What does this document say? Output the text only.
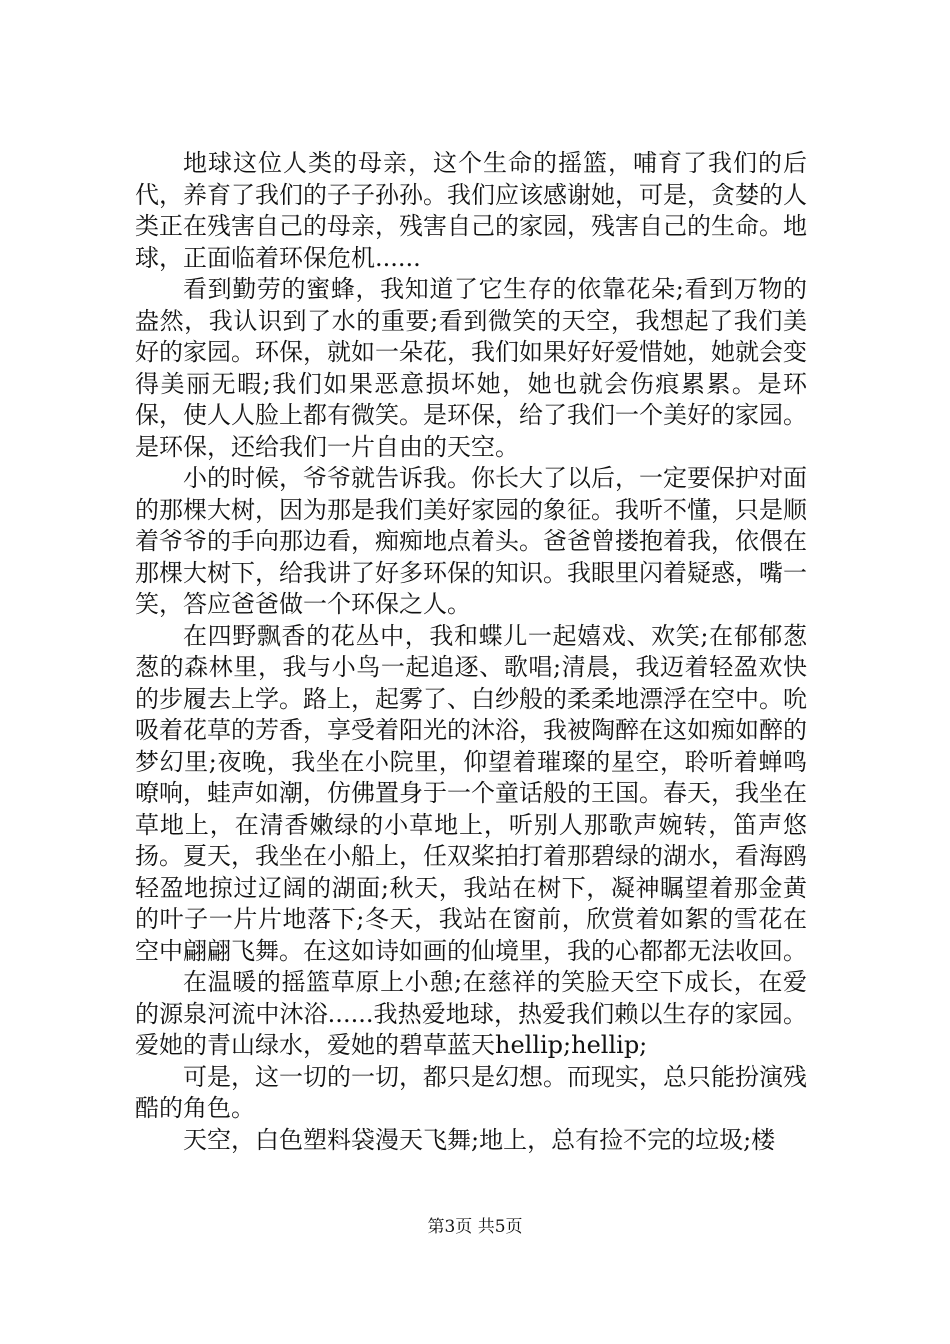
地球这位人类的母亲，这个生命的摇篮，哺育了我们的后代，养育了我们的子子孙孙。我们应该感谢她，可是，贪婪的人类正在残害自己的母亲，残害自己的家园，残害自己的生命。地球，正面临着环保危机......

看到勤劳的蜜蜂，我知道了它生存的依靠花朵;看到万物的盎然，我认识到了水的重要;看到微笑的天空，我想起了我们美好的家园。环保，就如一朵花，我们如果好好爱惜她，她就会变得美丽无暇;我们如果恶意损坏她，她也就会伤痕累累。是环保，使人人脸上都有微笑。是环保，给了我们一个美好的家园。是环保，还给我们一片自由的天空。

小的时候，爷爷就告诉我。你长大了以后，一定要保护对面的那棵大树，因为那是我们美好家园的象征。我听不懂，只是顺着爷爷的手向那边看，痴痴地点着头。爸爸曾搂抱着我，依偎在那棵大树下，给我讲了好多环保的知识。我眼里闪着疑惑，嘴一笑，答应爸爸做一个环保之人。

在四野飘香的花丛中，我和蝶儿一起嬉戏、欢笑;在郁郁葱葱的森林里，我与小鸟一起追逐、歌唱;清晨，我迈着轻盈欢快的步履去上学。路上，起雾了、白纱般的柔柔地漂浮在空中。吮吸着花草的芳香，享受着阳光的沐浴，我被陶醉在这如痴如醉的梦幻里;夜晚，我坐在小院里，仰望着璀璨的星空，聆听着蝉鸣嘹响，蛙声如潮，仿佛置身于一个童话般的王国。春天，我坐在草地上，在清香嫩绿的小草地上，听别人那歌声婉转，笛声悠扬。夏天，我坐在小船上，任双桨拍打着那碧绿的湖水，看海鸥轻盈地掠过辽阔的湖面;秋天，我站在树下，凝神瞩望着那金黄的叶子一片片地落下;冬天，我站在窗前，欣赏着如絮的雪花在空中翩翩飞舞。在这如诗如画的仙境里，我的心都都无法收回。

在温暖的摇篮草原上小憩;在慈祥的笑脸天空下成长，在爱的源泉河流中沐浴......我热爱地球，热爱我们赖以生存的家园。爱她的青山绿水，爱她的碧草蓝天hellip;hellip;

可是，这一切的一切，都只是幻想。而现实，总只能扮演残酷的角色。

天空，白色塑料袋漫天飞舞;地上，总有捡不完的垃圾;楼

第3页 共5页
